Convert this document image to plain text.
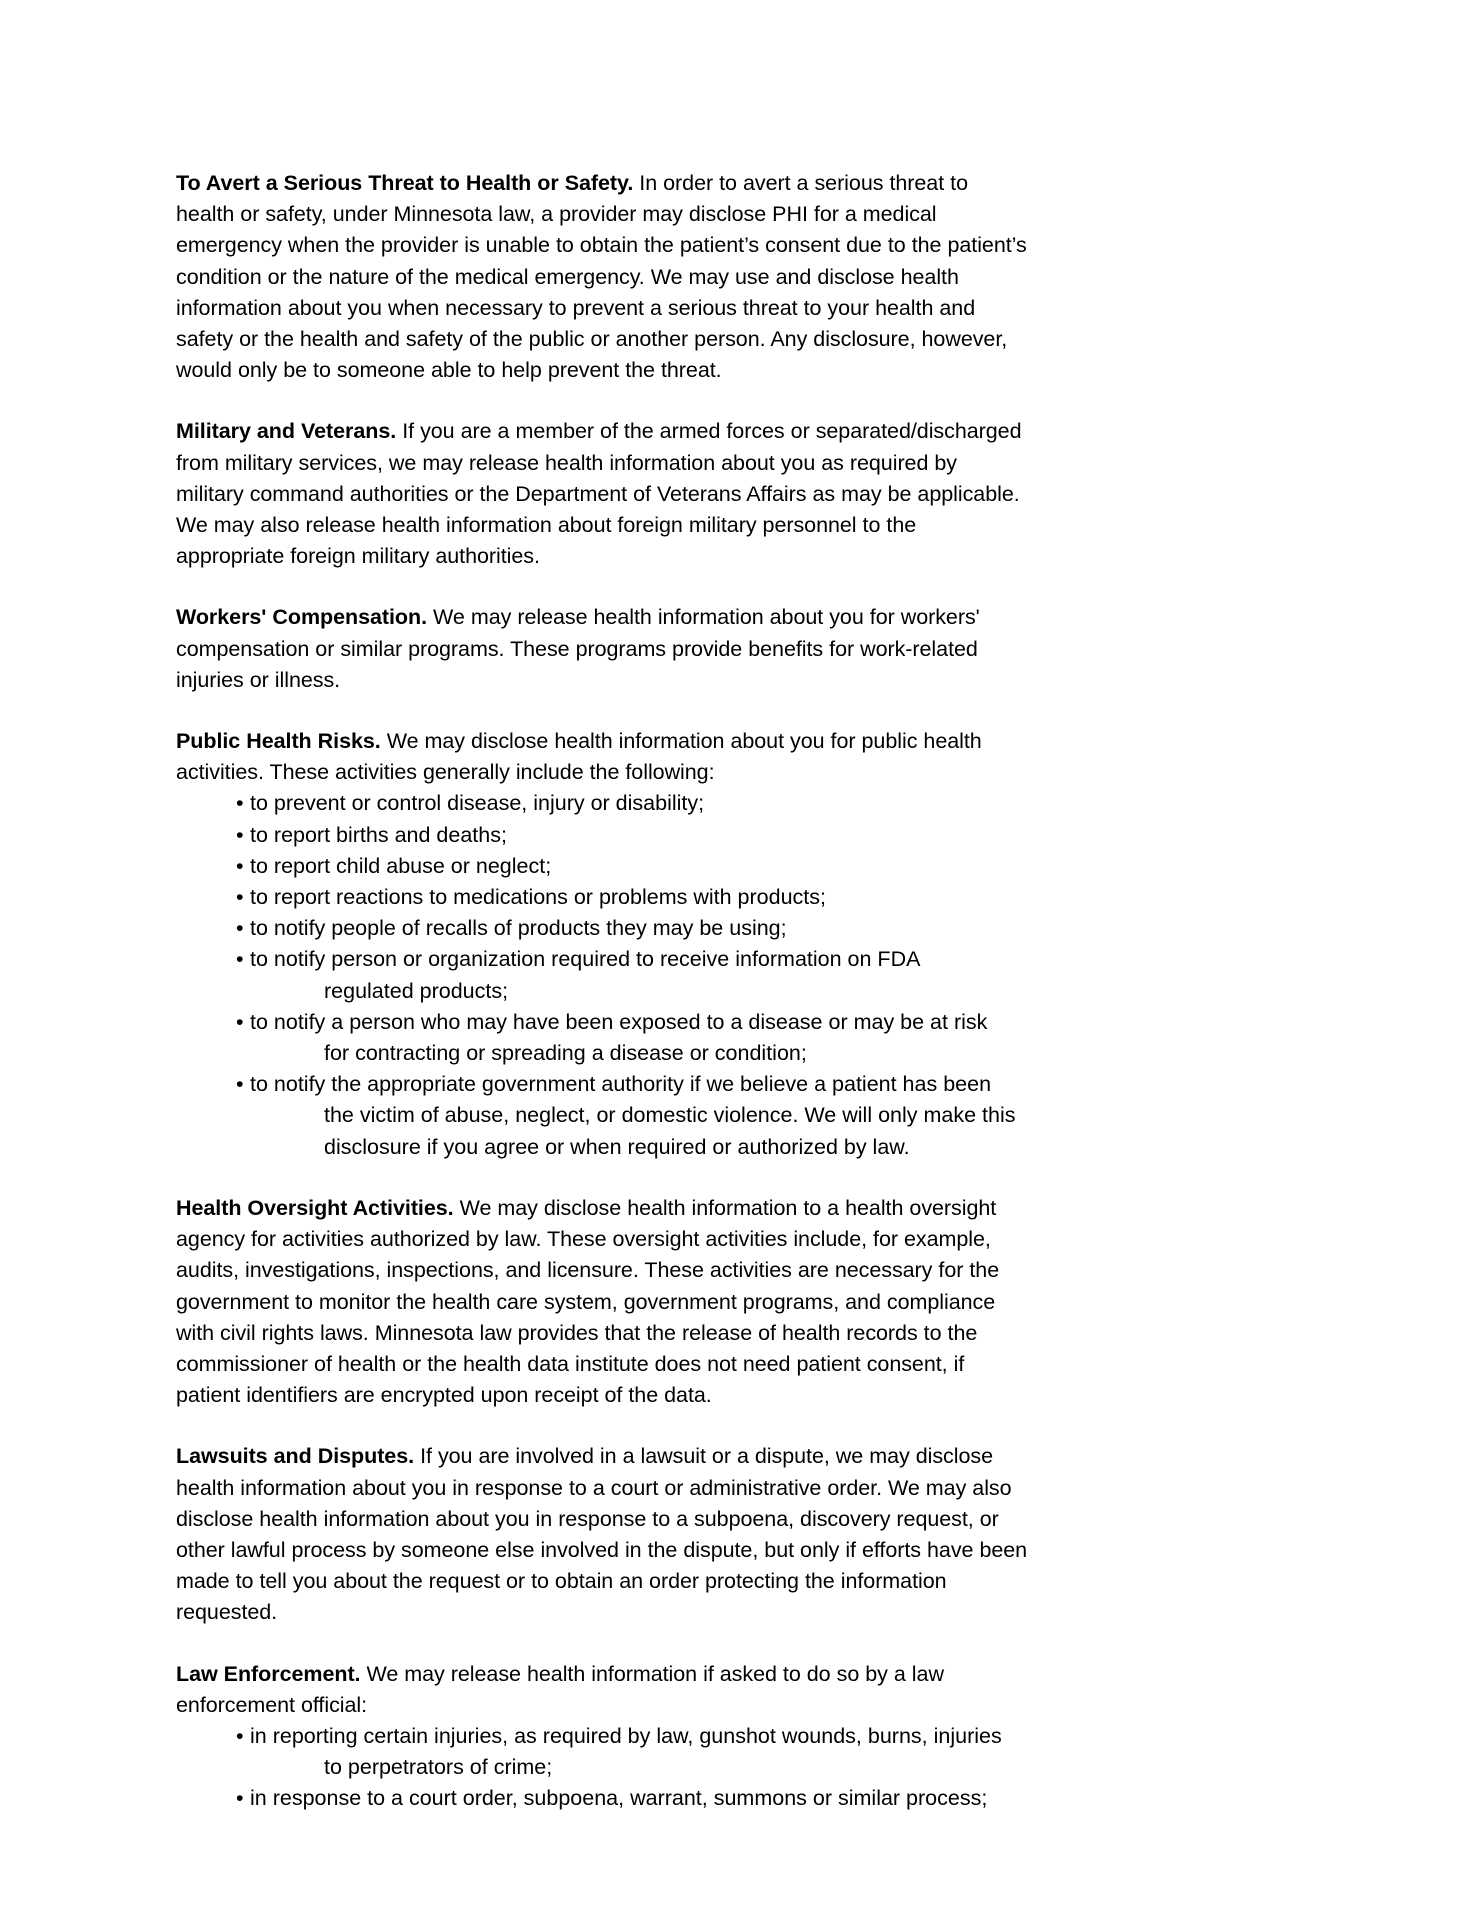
To Avert a Serious Threat to Health or Safety. In order to avert a serious threat to health or safety, under Minnesota law, a provider may disclose PHI for a medical emergency when the provider is unable to obtain the patient’s consent due to the patient’s condition or the nature of the medical emergency. We may use and disclose health information about you when necessary to prevent a serious threat to your health and safety or the health and safety of the public or another person. Any disclosure, however, would only be to someone able to help prevent the threat.

Military and Veterans. If you are a member of the armed forces or separated/discharged from military services, we may release health information about you as required by military command authorities or the Department of Veterans Affairs as may be applicable. We may also release health information about foreign military personnel to the appropriate foreign military authorities.

Workers' Compensation. We may release health information about you for workers' compensation or similar programs. These programs provide benefits for work-related injuries or illness.

Public Health Risks. We may disclose health information about you for public health activities. These activities generally include the following:

• to prevent or control disease, injury or disability;
• to report births and deaths;
• to report child abuse or neglect;
• to report reactions to medications or problems with products;
• to notify people of recalls of products they may be using;
• to notify person or organization required to receive information on FDA
regulated products;
• to notify a person who may have been exposed to a disease or may be at risk
for contracting or spreading a disease or condition;
• to notify the appropriate government authority if we believe a patient has been
the victim of abuse, neglect, or domestic violence. We will only make this
disclosure if you agree or when required or authorized by law.

Health Oversight Activities. We may disclose health information to a health oversight agency for activities authorized by law. These oversight activities include, for example, audits, investigations, inspections, and licensure. These activities are necessary for the government to monitor the health care system, government programs, and compliance with civil rights laws. Minnesota law provides that the release of health records to the commissioner of health or the health data institute does not need patient consent, if patient identifiers are encrypted upon receipt of the data.

Lawsuits and Disputes. If you are involved in a lawsuit or a dispute, we may disclose health information about you in response to a court or administrative order. We may also disclose health information about you in response to a subpoena, discovery request, or other lawful process by someone else involved in the dispute, but only if efforts have been made to tell you about the request or to obtain an order protecting the information requested.

Law Enforcement. We may release health information if asked to do so by a law enforcement official:

• in reporting certain injuries, as required by law, gunshot wounds, burns, injuries
to perpetrators of crime;
• in response to a court order, subpoena, warrant, summons or similar process;
